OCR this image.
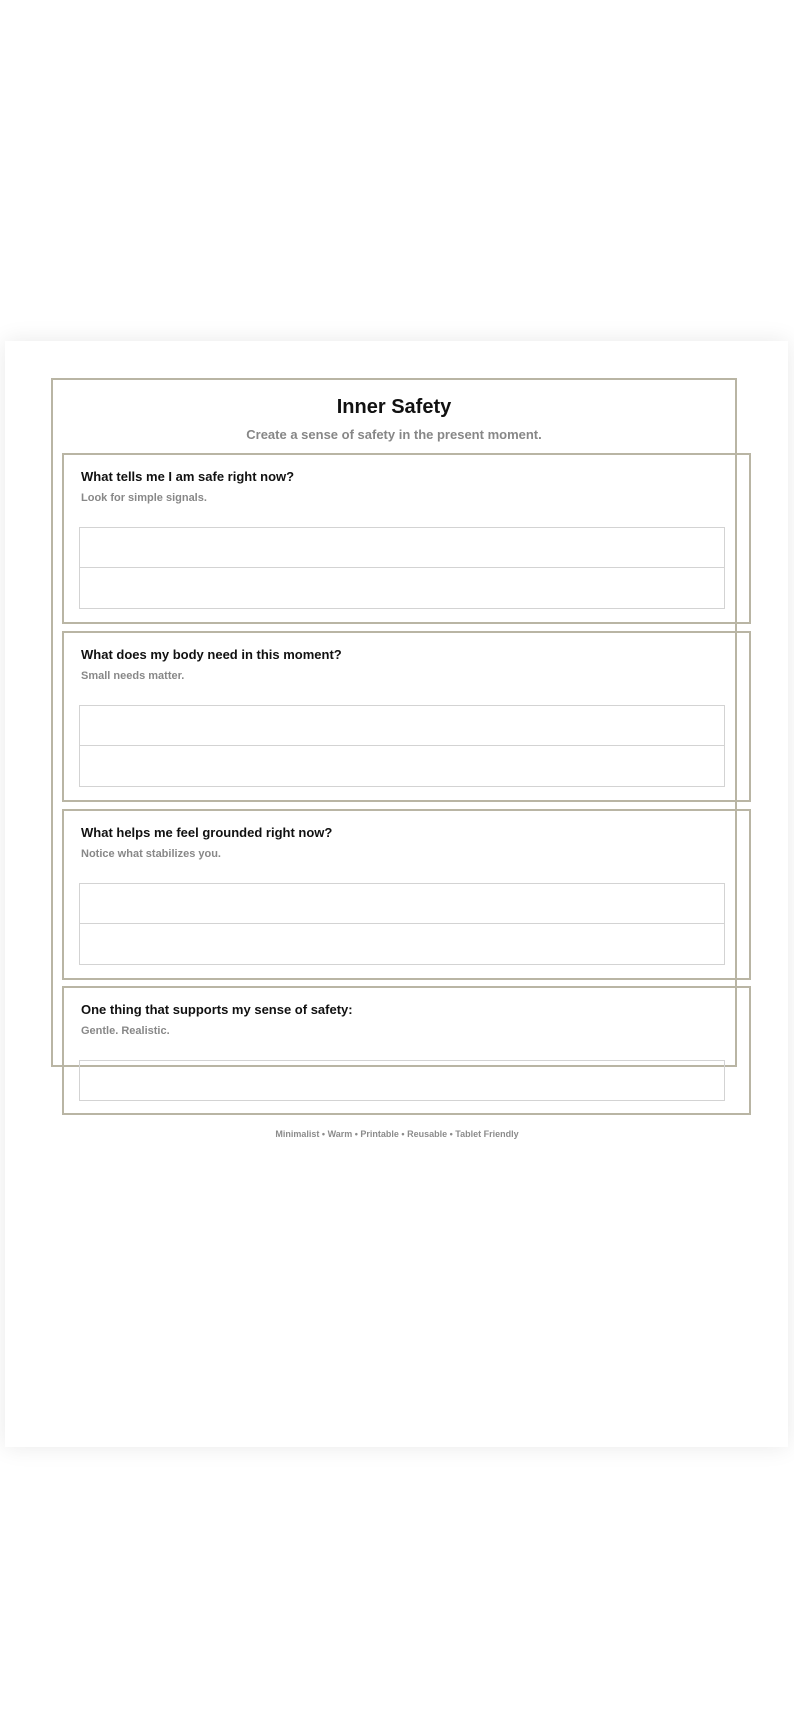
Inner Safety
Create a sense of safety in the present moment.
What tells me I am safe right now?
Look for simple signals.
What does my body need in this moment?
Small needs matter.
What helps me feel grounded right now?
Notice what stabilizes you.
One thing that supports my sense of safety:
Gentle. Realistic.
Minimalist • Warm • Printable • Reusable • Tablet Friendly
